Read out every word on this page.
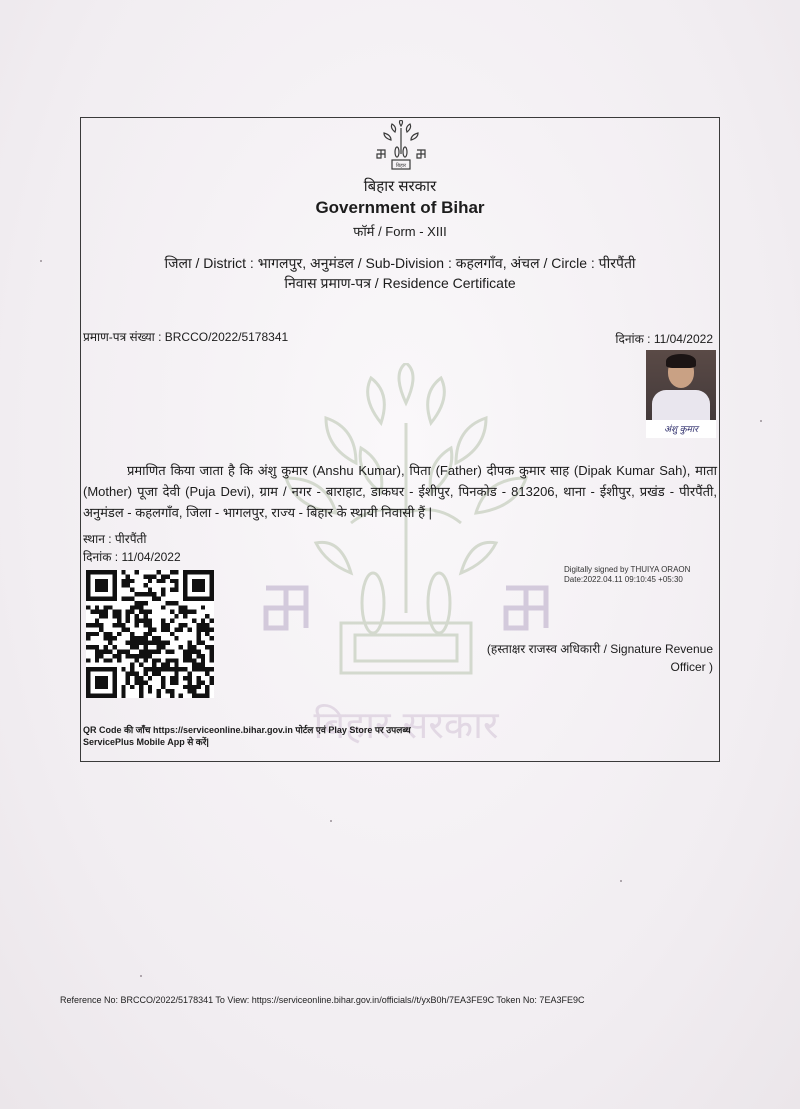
बिहार सरकार
बिहार
बिहार सरकार
Government of Bihar
फॉर्म / Form - XIII
जिला / District : भागलपुर, अनुमंडल / Sub-Division : कहलगाँव, अंचल / Circle : पीरपैंती
निवास प्रमाण-पत्र / Residence Certificate
प्रमाण-पत्र संख्या : BRCCO/2022/5178341	दिनांक : 11/04/2022
अंशु कुमार
प्रमाणित किया जाता है कि अंशु कुमार (Anshu Kumar), पिता (Father) दीपक कुमार साह (Dipak Kumar Sah), माता (Mother) पूजा देवी (Puja Devi), ग्राम / नगर - बाराहाट, डाकघर - ईशीपुर, पिनकोड - 813206, थाना - ईशीपुर, प्रखंड - पीरपैंती, अनुमंडल - कहलगाँव, जिला - भागलपुर, राज्य - बिहार के स्थायी निवासी हैं |
स्थान : पीरपैंती
दिनांक : 11/04/2022
Digitally signed by THUIYA ORAON
Date:2022.04.11 09:10:45 +05:30
(हस्ताक्षर राजस्व अधिकारी / Signature Revenue
Officer )
QR Code की जाँच https://serviceonline.bihar.gov.in पोर्टल एवं Play Store पर उपलब्ध
ServicePlus Mobile App से करें|
Reference No: BRCCO/2022/5178341 To View: https://serviceonline.bihar.gov.in/officials//t/yxB0h/7EA3FE9C Token No: 7EA3FE9C
